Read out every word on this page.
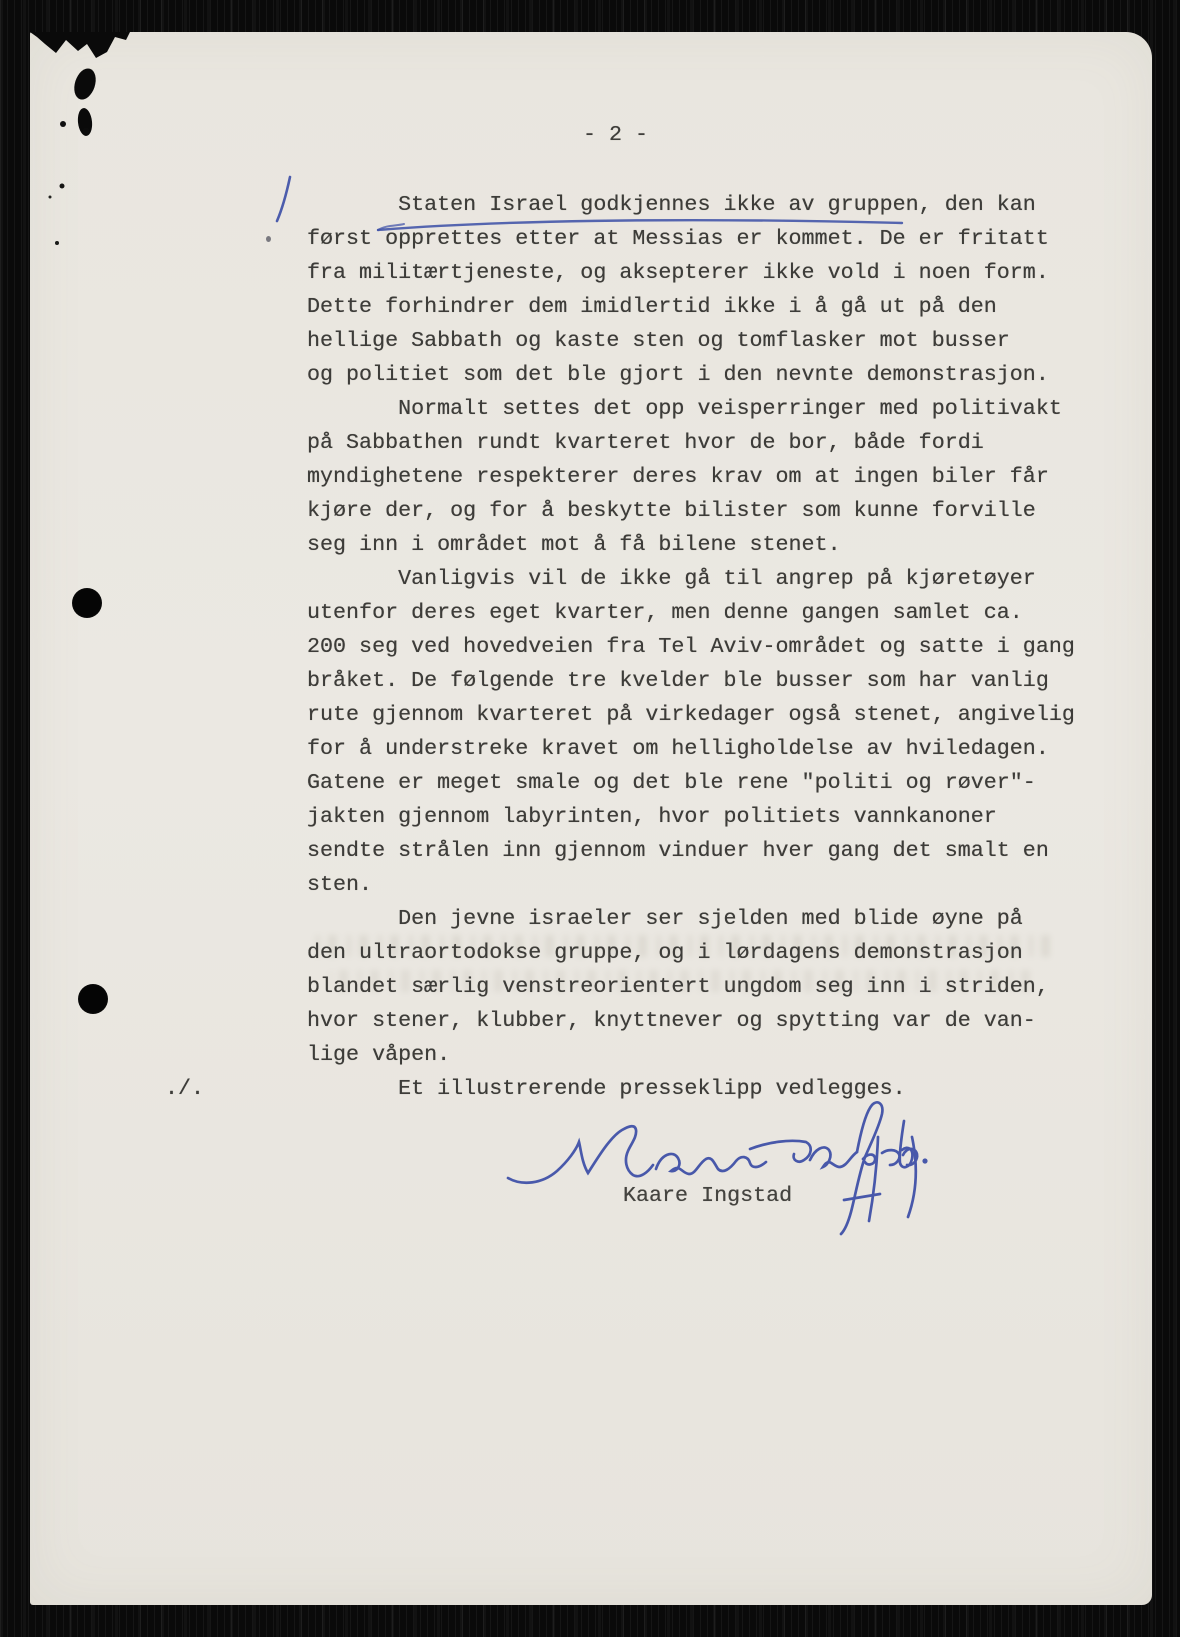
- 2 -
Staten Israel godkjennes ikke av gruppen, den kan
først opprettes etter at Messias er kommet. De er fritatt
fra militærtjeneste, og aksepterer ikke vold i noen form.
Dette forhindrer dem imidlertid ikke i å gå ut på den
hellige Sabbath og kaste sten og tomflasker mot busser
og politiet som det ble gjort i den nevnte demonstrasjon.
Normalt settes det opp veisperringer med politivakt
på Sabbathen rundt kvarteret hvor de bor, både fordi
myndighetene respekterer deres krav om at ingen biler får
kjøre der, og for å beskytte bilister som kunne forville
seg inn i området mot å få bilene stenet.
Vanligvis vil de ikke gå til angrep på kjøretøyer
utenfor deres eget kvarter, men denne gangen samlet ca.
200 seg ved hovedveien fra Tel Aviv-området og satte i gang
bråket. De følgende tre kvelder ble busser som har vanlig
rute gjennom kvarteret på virkedager også stenet, angivelig
for å understreke kravet om helligholdelse av hviledagen.
Gatene er meget smale og det ble rene "politi og røver"-
jakten gjennom labyrinten, hvor politiets vannkanoner
sendte strålen inn gjennom vinduer hver gang det smalt en
sten.
Den jevne israeler ser sjelden med blide øyne på
den ultraortodokse gruppe, og i lørdagens demonstrasjon
blandet særlig venstreorientert ungdom seg inn i striden,
hvor stener, klubber, knyttnever og spytting var de van-
lige våpen.
Et illustrerende presseklipp vedlegges.
./.
Kaare Ingstad
